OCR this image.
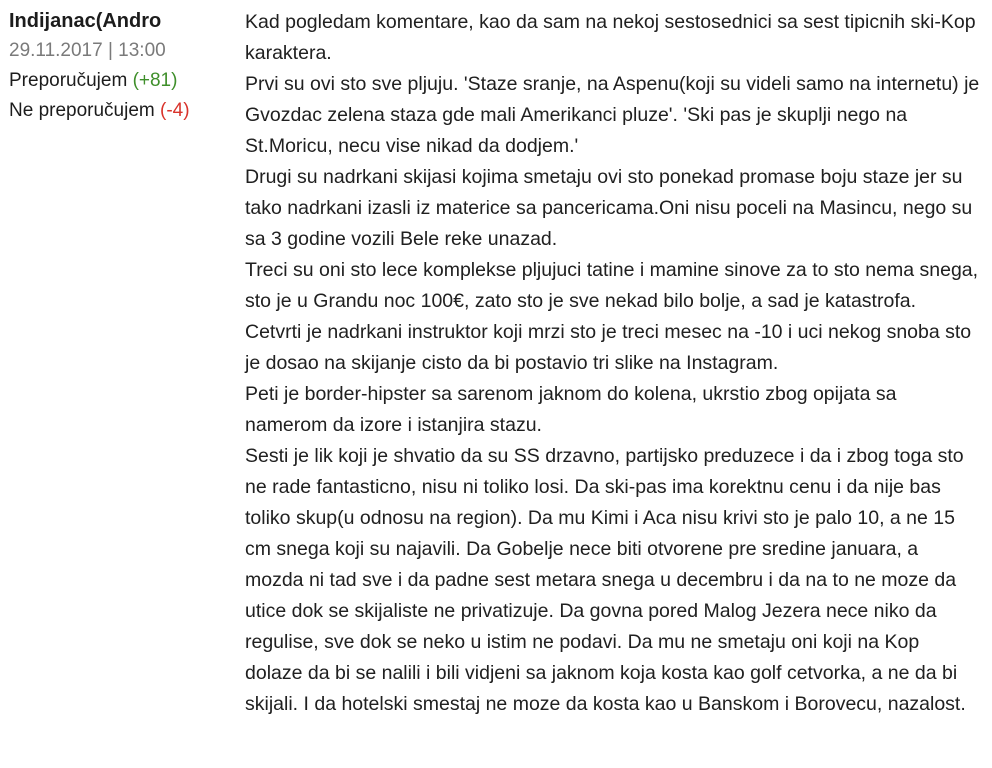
Indijanac(Andro
29.11.2017 | 13:00
Preporučujem (+81)
Ne preporučujem (-4)

Kad pogledam komentare, kao da sam na nekoj sestosednici sa sest tipicnih ski-Kop karaktera.

Prvi su ovi sto sve pljuju. 'Staze sranje, na Aspenu(koji su videli samo na internetu) je Gvozdac zelena staza gde mali Amerikanci pluze'. 'Ski pas je skuplji nego na St.Moricu, necu vise nikad da dodjem.'

Drugi su nadrkani skijasi kojima smetaju ovi sto ponekad promase boju staze jer su tako nadrkani izasli iz materice sa pancericama.Oni nisu poceli na Masincu, nego su sa 3 godine vozili Bele reke unazad.

Treci su oni sto lece komplekse pljujuci tatine i mamine sinove za to sto nema snega, sto je u Grandu noc 100€, zato sto je sve nekad bilo bolje, a sad je katastrofa.

Cetvrti je nadrkani instruktor koji mrzi sto je treci mesec na -10 i uci nekog snoba sto je dosao na skijanje cisto da bi postavio tri slike na Instagram.

Peti je border-hipster sa sarenom jaknom do kolena, ukrstio zbog opijata sa namerom da izore i istanjira stazu.

Sesti je lik koji je shvatio da su SS drzavno, partijsko preduzece i da i zbog toga sto ne rade fantasticno, nisu ni toliko losi. Da ski-pas ima korektnu cenu i da nije bas toliko skup(u odnosu na region). Da mu Kimi i Aca nisu krivi sto je palo 10, a ne 15 cm snega koji su najavili. Da Gobelje nece biti otvorene pre sredine januara, a mozda ni tad sve i da padne sest metara snega u decembru i da na to ne moze da utice dok se skijaliste ne privatizuje. Da govna pored Malog Jezera nece niko da regulise, sve dok se neko u istim ne podavi. Da mu ne smetaju oni koji na Kop dolaze da bi se nalili i bili vidjeni sa jaknom koja kosta kao golf cetvorka, a ne da bi skijali. I da hotelski smestaj ne moze da kosta kao u Banskom i Borovecu, nazalost.
